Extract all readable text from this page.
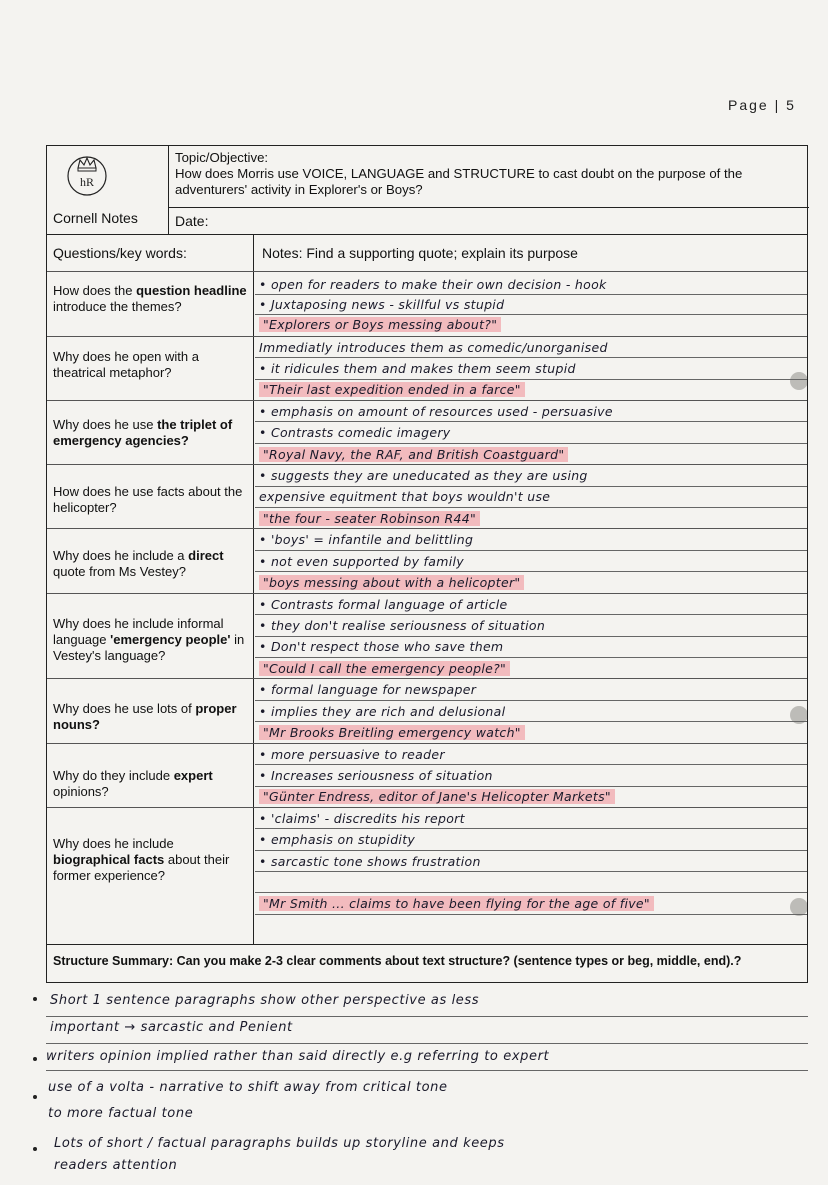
Page | 5
hR
Cornell Notes
Topic/Objective:
How does Morris use VOICE, LANGUAGE and STRUCTURE to cast doubt on the purpose of the
adventurers' activity in Explorer's or Boys?
Date:
Questions/key words:	Notes: Find a supporting quote; explain its purpose
How does the question headline introduce the themes?
Why does he open with a theatrical metaphor?
Why does he use the triplet of emergency agencies?
How does he use facts about the helicopter?
Why does he include a direct quote from Ms Vestey?
Why does he include informal language 'emergency people' in Vestey's language?
Why does he use lots of proper nouns?
Why do they include expert opinions?
Why does he include biographical facts about their former experience?
• open for readers to make their own decision - hook
• Juxtaposing news - skillful vs stupid
"Explorers or Boys messing about?"
Immediatly introduces them as comedic/unorganised
• it ridicules them and makes them seem stupid
"Their last expedition ended in a farce"
• emphasis on amount of resources used - persuasive
• Contrasts comedic imagery
"Royal Navy, the RAF, and British Coastguard"
• suggests they are uneducated as they are using
expensive equitment that boys wouldn't use
"the four - seater Robinson R44"
• 'boys' = infantile and belittling
• not even supported by family
"boys messing about with a helicopter"
• Contrasts formal language of article
• they don't realise seriousness of situation
• Don't respect those who save them
"Could I call the emergency people?"
• formal language for newspaper
• implies they are rich and delusional
"Mr Brooks Breitling emergency watch"
• more persuasive to reader
• Increases seriousness of situation
"Günter Endress, editor of Jane's Helicopter Markets"
• 'claims' - discredits his report
• emphasis on stupidity
• sarcastic tone shows frustration
"Mr Smith ... claims to have been flying for the age of five"
Structure Summary: Can you make 2-3 clear comments about text structure? (sentence types or beg, middle, end).?
Short 1 sentence paragraphs show other perspective as less
important → sarcastic and Penient
writers opinion implied rather than said directly e.g referring to expert
use of a volta - narrative to shift away from critical tone
to more factual tone
Lots of short / factual paragraphs builds up storyline and keeps
readers attention
